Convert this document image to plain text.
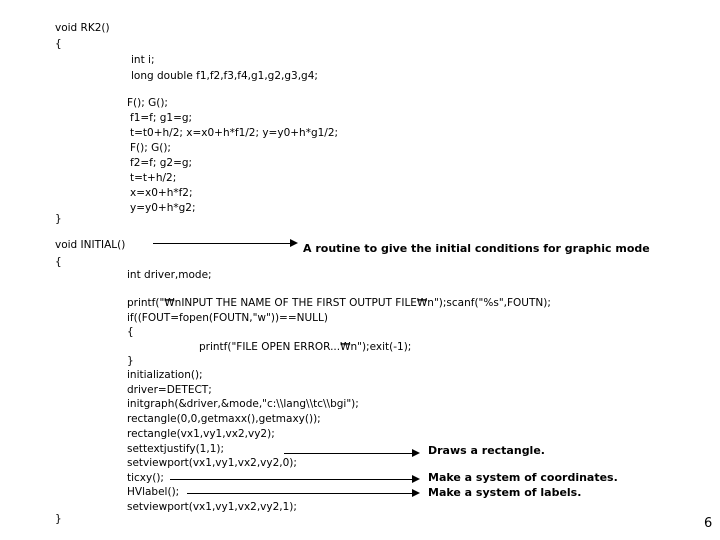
void RK2()
{
int i;
long double f1,f2,f3,f4,g1,g2,g3,g4;
F(); G();
f1=f; g1=g;
t=t0+h/2; x=x0+h*f1/2; y=y0+h*g1/2;
F(); G();
f2=f; g2=g;
t=t+h/2;
x=x0+h*f2;
y=y0+h*g2;
}
void INITIAL()
{
int driver,mode;
printf("₩nINPUT THE NAME OF THE FIRST OUTPUT FILE₩n");scanf("%s",FOUTN);
if((FOUT=fopen(FOUTN,"w"))==NULL)
{
printf("FILE OPEN ERROR...₩n");exit(-1);
}
initialization();
driver=DETECT;
initgraph(&driver,&mode,"c:\\lang\\tc\\bgi");
rectangle(0,0,getmaxx(),getmaxy());
rectangle(vx1,vy1,vx2,vy2);
settextjustify(1,1);
setviewport(vx1,vy1,vx2,vy2,0);
ticxy();
HVlabel();
setviewport(vx1,vy1,vx2,vy2,1);
}
A routine to give the initial conditions for graphic mode
Draws a rectangle.
Make a system of coordinates.
Make a system of labels.
6
